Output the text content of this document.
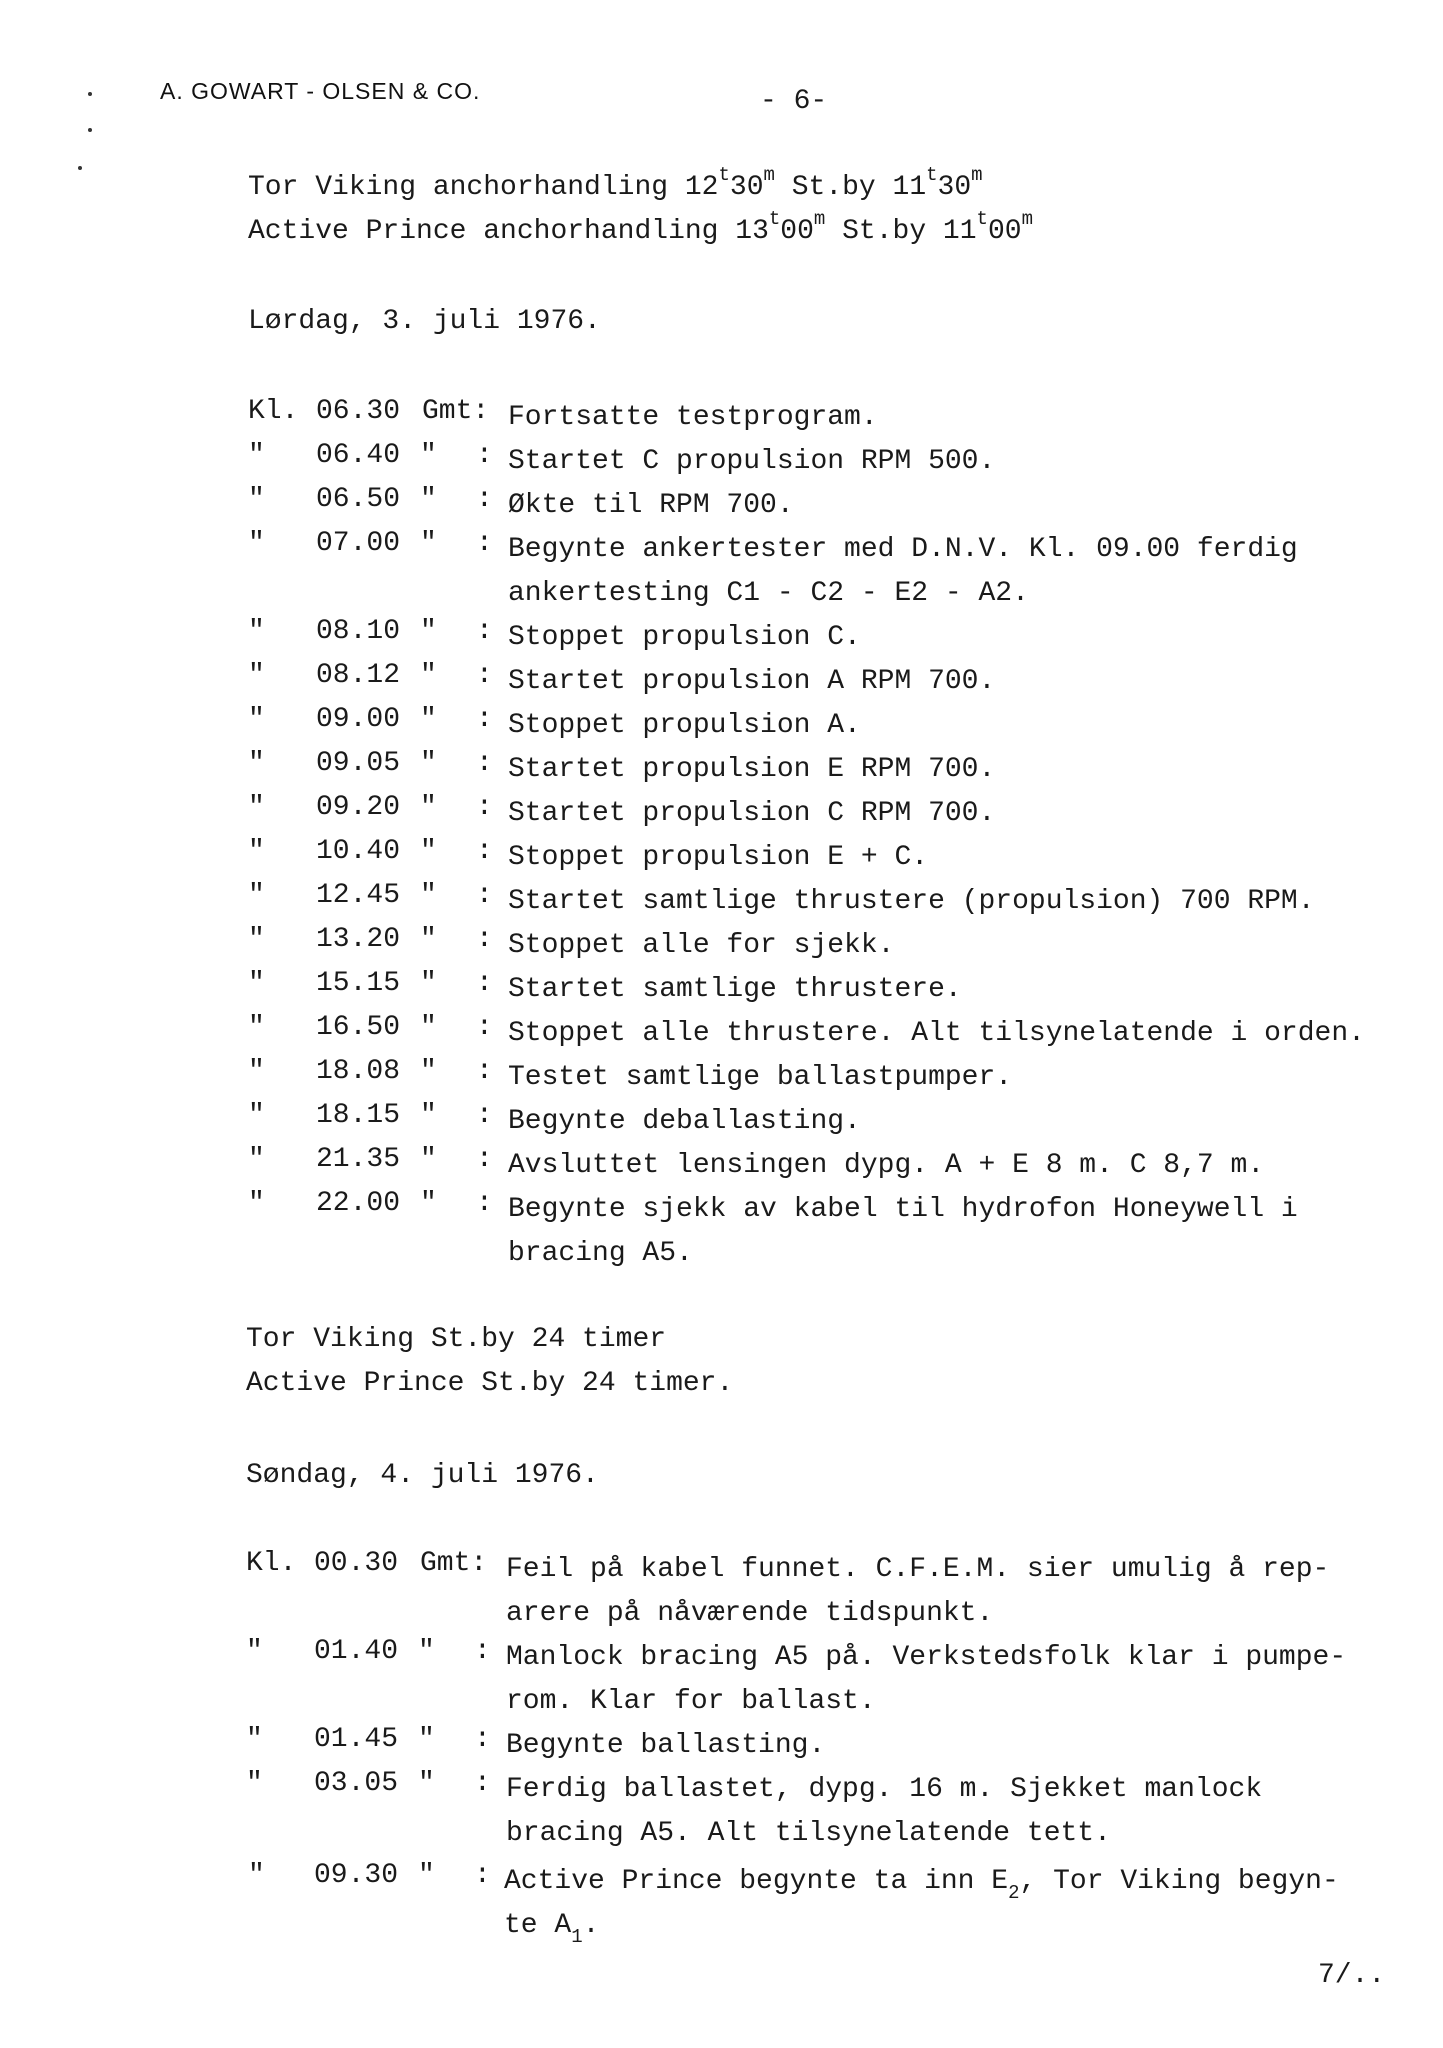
A. GOWART - OLSEN & CO.	- 6-
Tor Viking anchorhandling 12$^t$30$^m$ St.by 11$^t$30$^m$
Active Prince anchorhandling 13$^t$00$^m$ St.by 11$^t$00$^m$
Lørdag, 3. juli 1976.
Kl. 06.30 Gmt: Fortsatte testprogram.
" 06.40 " : Startet C propulsion RPM 500.
" 06.50 " : Økte til RPM 700.
" 07.00 " : Begynte ankertester med D.N.V. Kl. 09.00 ferdig
ankertesting C1 - C2 - E2 - A2.
" 08.10 " : Stoppet propulsion C.
" 08.12 " : Startet propulsion A RPM 700.
" 09.00 " : Stoppet propulsion A.
" 09.05 " : Startet propulsion E RPM 700.
" 09.20 " : Startet propulsion C RPM 700.
" 10.40 " : Stoppet propulsion E + C.
" 12.45 " : Startet samtlige thrustere (propulsion) 700 RPM.
" 13.20 " : Stoppet alle for sjekk.
" 15.15 " : Startet samtlige thrustere.
" 16.50 " : Stoppet alle thrustere. Alt tilsynelatende i orden.
" 18.08 " : Testet samtlige ballastpumper.
" 18.15 " : Begynte deballasting.
" 21.35 " : Avsluttet lensingen dypg. A + E 8 m. C 8,7 m.
" 22.00 " : Begynte sjekk av kabel til hydrofon Honeywell i
bracing A5.
Tor Viking St.by 24 timer
Active Prince St.by 24 timer.
Søndag, 4. juli 1976.
Kl. 00.30 Gmt: Feil på kabel funnet. C.F.E.M. sier umulig å rep-
arere på nåværende tidspunkt.
" 01.40 " : Manlock bracing A5 på. Verkstedsfolk klar i pumpe-
rom. Klar for ballast.
" 01.45 " : Begynte ballasting.
" 03.05 " : Ferdig ballastet, dypg. 16 m. Sjekket manlock
bracing A5. Alt tilsynelatende tett.
" 09.30 " : Active Prince begynte ta inn $E_2$, Tor Viking begyn-
te $A_1$.
7/..
